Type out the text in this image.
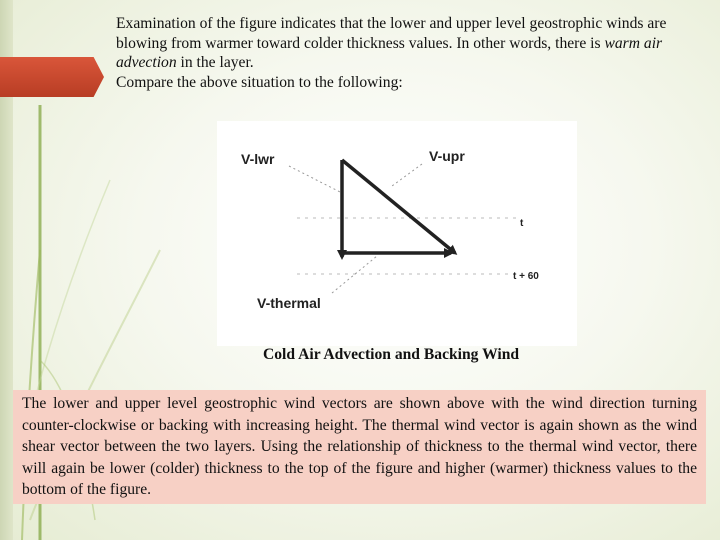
Examination of the figure indicates that the lower and upper level geostrophic winds are blowing from warmer toward colder thickness values. In other words, there is warm air advection in the layer.

Compare the above situation to the following:

V-lwr	V-upr
V-thermal
t
t + 60

Cold Air Advection and Backing Wind

The lower and upper level geostrophic wind vectors are shown above with the wind direction turning counter-clockwise or backing with increasing height. The thermal wind vector is again shown as the wind shear vector between the two layers. Using the relationship of thickness to the thermal wind vector, there will again be lower (colder) thickness to the top of the figure and higher (warmer) thickness values to the bottom of the figure.
